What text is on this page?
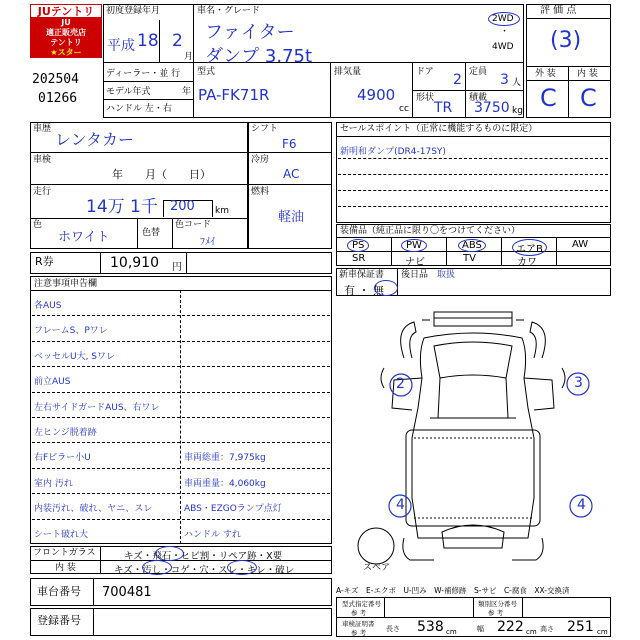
JUテントリ
JU
適正販売店
テントリ
★スター
202504
01266
初度登録年月	車名・グレード
平成 18 2
月
ファイター
ダンプ 3.75t
2WD
・
4WD
ディーラー・並 行
モデル年式	年
ハンドル 左・右
型式
PA-FK71R
排気量
4900
cc
ドア 2
形状
TR
定員 3 人
積載
3750 kg
評 価 点
(3)
外 装 内 装
C C
車歴
レンタカー
車検
年　　月（　　日）
走行
14万 1千 200 km
色
ホワイト	色替
色コード
ﾌﾒｲ
シフト
F6
冷房
AC
燃料
軽油
セールスポイント（正常に機能するものに限定）
新明和ダンプ(DR4-17SY)
装備品（純正品に限り〇をつけてください）
PS	PW	ABS	エアB	AW
SR	ナビ	TV	カワ
新車保証書
有 ・ 無
後日品 取扱
R券	10,910 円
注意事項申告欄
各AUS
フレームS、Pワレ
ベッセルU大, Sワレ
前立AUS
左右サイドガードAUS、右ワレ
左ヒンジ脱着跡
右Fビラー小U	車両総重：7,975kg
室内 汚れ	車両重量：4,060kg
内装汚れ、破れ、ヤニ、スレ	ABS・EZGOランプ点灯
シート破れ大	ハンドル すれ
フロントガラス	キズ・飛石・ヒビ割・リペア跡・X要
内 装	キズ・汚し・コゲ・穴・スレ・キレ・破レ
車台番号 700481
登録番号
2	3
4	4
スペア
A-キズ　E-エクボ　U-凹み　W-補修跡　S-サビ　C-腐食　XX-交換済
型式指定番号
参 考
類別区分番号
参 考
車検証明書
参 考	長さ 538 cm	幅 222 cm 高さ 251 cm
